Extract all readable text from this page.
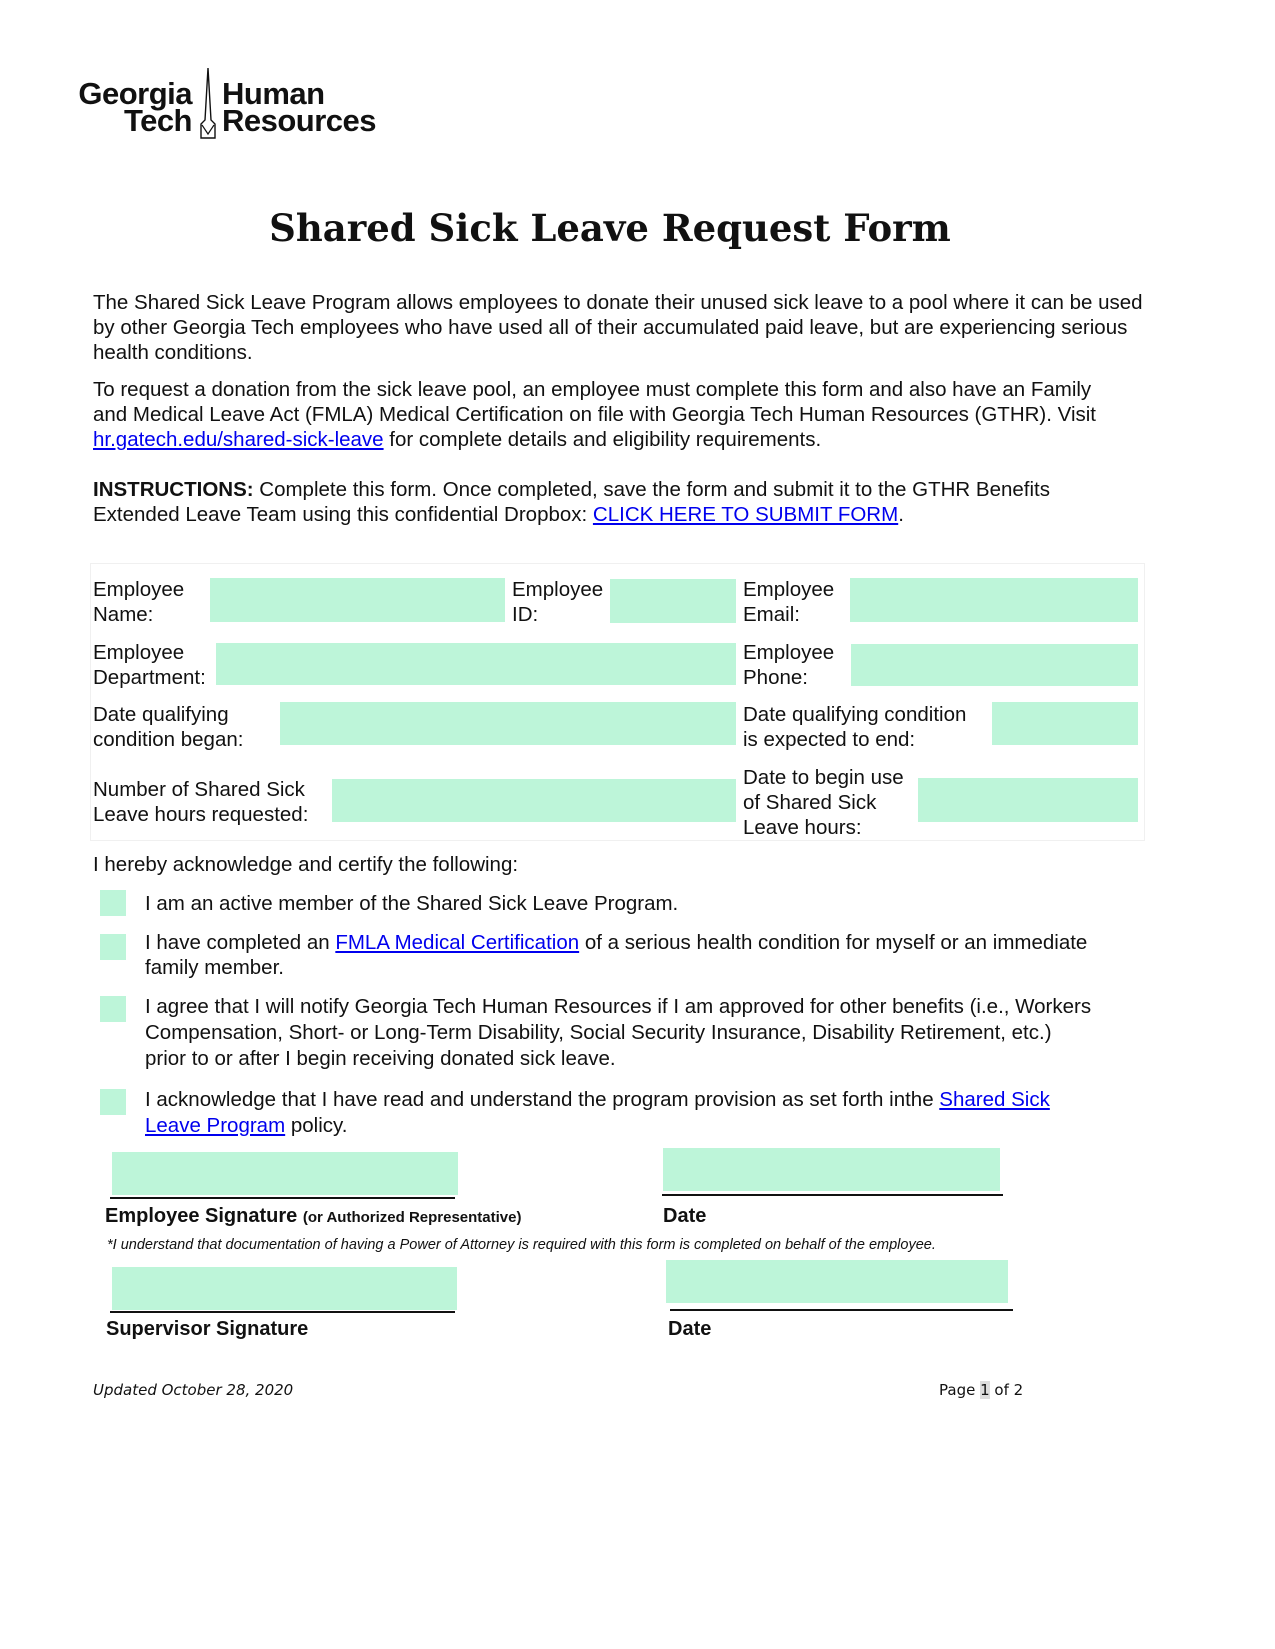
Georgia
Tech
Human
Resources
Shared Sick Leave Request Form
The Shared Sick Leave Program allows employees to donate their unused sick leave to a pool where it can be used by other Georgia Tech employees who have used all of their accumulated paid leave, but are experiencing serious health conditions.
To request a donation from the sick leave pool, an employee must complete this form and also have an Family and Medical Leave Act (FMLA) Medical Certification on file with Georgia Tech Human Resources (GTHR). Visit hr.gatech.edu/shared-sick-leave for complete details and eligibility requirements.
INSTRUCTIONS: Complete this form. Once completed, save the form and submit it to the GTHR Benefits Extended Leave Team using this confidential Dropbox: CLICK HERE TO SUBMIT FORM.
Employee Name:
Employee ID:
Employee Email:
Employee Department:
Employee Phone:
Date qualifying condition began:
Date qualifying condition is expected to end:
Number of Shared Sick Leave hours requested:
Date to begin use of Shared Sick Leave hours:
I hereby acknowledge and certify the following:
I am an active member of the Shared Sick Leave Program.
I have completed an FMLA Medical Certification of a serious health condition for myself or an immediate family member.
I agree that I will notify Georgia Tech Human Resources if I am approved for other benefits (i.e., Workers Compensation, Short- or Long-Term Disability, Social Security Insurance, Disability Retirement, etc.) prior to or after I begin receiving donated sick leave.
I acknowledge that I have read and understand the program provision as set forth inthe Shared Sick Leave Program policy.
Employee Signature (or Authorized Representative)	Date
*I understand that documentation of having a Power of Attorney is required with this form is completed on behalf of the employee.
Supervisor Signature	Date
Updated October 28, 2020	Page 1 of 2
